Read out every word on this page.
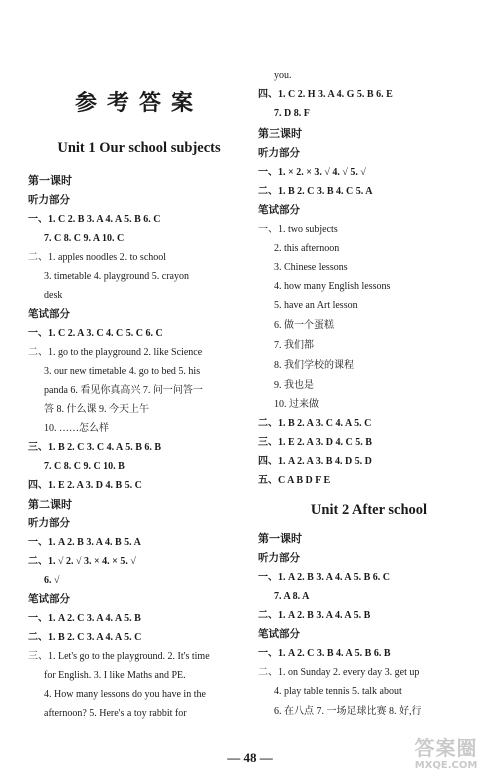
参考答案
Unit 1 Our school subjects
第一课时
听力部分
一、1. C 2. B 3. A 4. A 5. B 6. C
7. C 8. C 9. A 10. C
二、1. apples noodles 2. to school
3. timetable 4. playground 5. crayon
desk
笔试部分
一、1. C 2. A 3. C 4. C 5. C 6. C
二、1. go to the playground 2. like Science
3. our new timetable 4. go to bed 5. his
panda 6. 看见你真高兴 7. 问一问答一
答 8. 什么课 9. 今天上午
10. ……怎么样
三、1. B 2. C 3. C 4. A 5. B 6. B
7. C 8. C 9. C 10. B
四、1. E 2. A 3. D 4. B 5. C
第二课时
听力部分
一、1. A 2. B 3. A 4. B 5. A
二、1. √ 2. √ 3. × 4. × 5. √
6. √
笔试部分
一、1. A 2. C 3. A 4. A 5. B
二、1. B 2. C 3. A 4. A 5. C
三、1. Let's go to the playground. 2. It's time
for English. 3. I like Maths and PE.
4. How many lessons do you have in the
afternoon? 5. Here's a toy rabbit for
you.
四、1. C 2. H 3. A 4. G 5. B 6. E
7. D 8. F
第三课时
听力部分
一、1. × 2. × 3. √ 4. √ 5. √
二、1. B 2. C 3. B 4. C 5. A
笔试部分
一、1. two subjects
2. this afternoon
3. Chinese lessons
4. how many English lessons
5. have an Art lesson
6. 做一个蛋糕
7. 我们都
8. 我们学校的课程
9. 我也是
10. 过来做
二、1. B 2. A 3. C 4. A 5. C
三、1. E 2. A 3. D 4. C 5. B
四、1. A 2. A 3. B 4. D 5. D
五、C A B D F E
Unit 2 After school
第一课时
听力部分
一、1. A 2. B 3. A 4. A 5. B 6. C
7. A 8. A
二、1. A 2. B 3. A 4. A 5. B
笔试部分
一、1. A 2. C 3. B 4. A 5. B 6. B
二、1. on Sunday 2. every day 3. get up
4. play table tennis 5. talk about
6. 在八点 7. 一场足球比赛 8. 好,行
— 48 —	答案圈
MXQE.COM
